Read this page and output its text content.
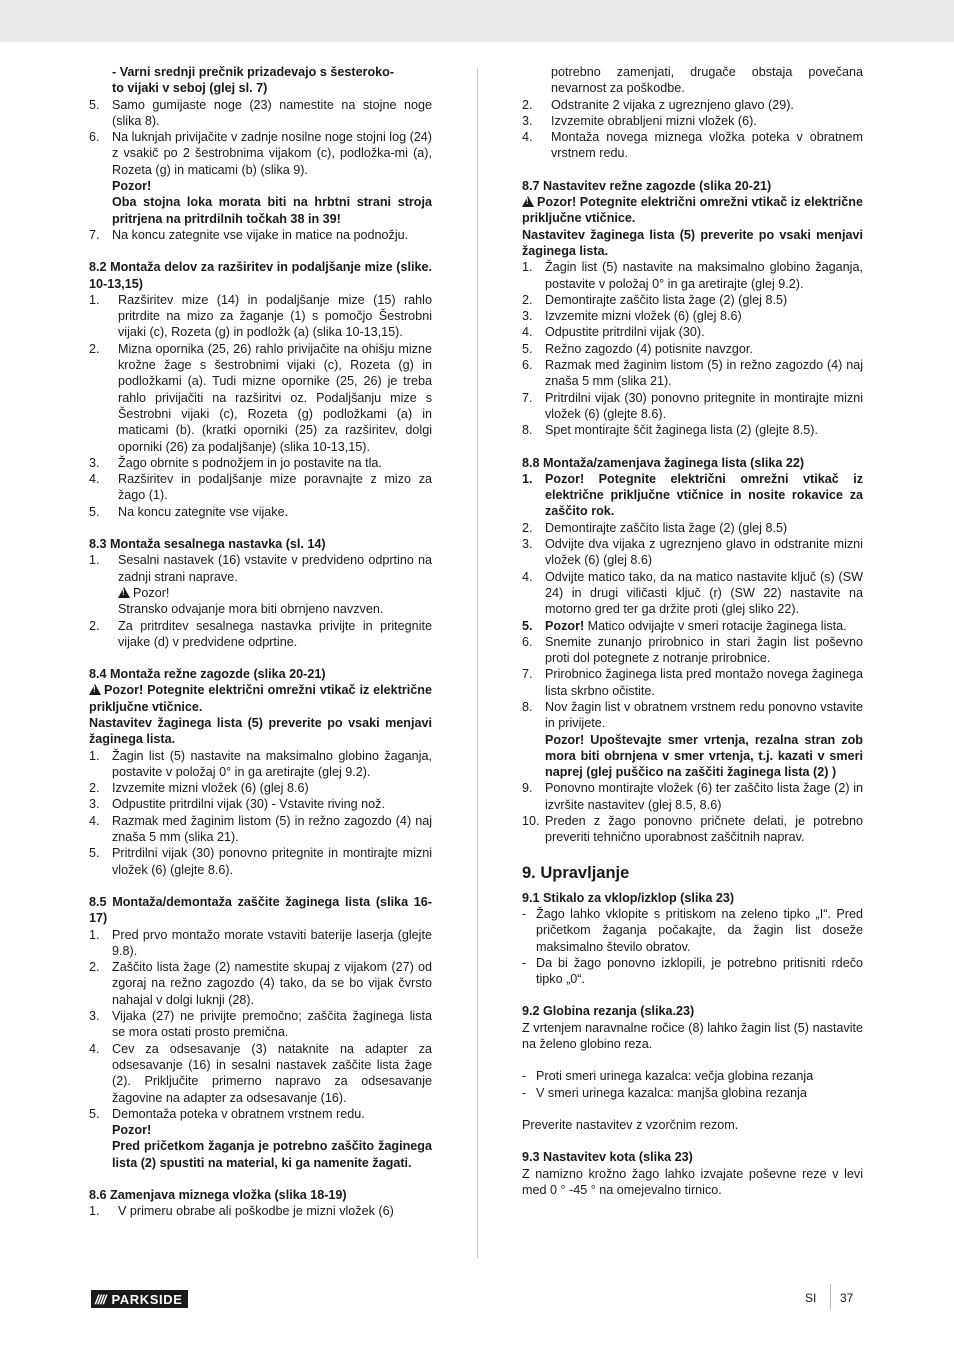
- Varni srednji prečnik prizadevajo s šesteroko-
to vijaki v seboj (glej sl. 7)
5. Samo gumijaste noge (23) namestite na stojne noge (slika 8).
6. Na luknjah privijačite v zadnje nosilne noge stojni log (24) z vsakič po 2 šestrobnima vijakom (c), podložka-mi (a), Rozeta (g) in maticami (b) (slika 9).
Pozor!
Oba stojna loka morata biti na hrbtni strani stroja pritrjena na pritrdilnih točkah 38 in 39!
7. Na koncu zategnite vse vijake in matice na podnožju.

8.2 Montaža delov za razširitev in podaljšanje mize (slike. 10-13,15)

1.	Razširitev mize (14) in podaljšanje mize (15) rahlo pritrdite na mizo za žaganje (1) s pomočjo Šestrobni vijaki (c), Rozeta (g) in podložk (a) (slika 10-13,15).
2.	Mizna opornika (25, 26) rahlo privijačite na ohišju mizne krožne žage s šestrobnimi vijaki (c), Rozeta (g) in podložkami (a). Tudi mizne opornike (25, 26) je treba rahlo privijačiti na razširitvi oz. Podaljšanju mize s Šestrobni vijaki (c), Rozeta (g) podložkami (a) in maticami (b). (kratki oporniki (25) za razširitev, dolgi oporniki (26) za podaljšanje) (slika 10-13,15).
3.	Žago obrnite s podnožjem in jo postavite na tla.
4.	Razširitev in podaljšanje mize poravnajte z mizo za žago (1).
5.	Na koncu zategnite vse vijake.

8.3 Montaža sesalnega nastavka (sl. 14)

1.	Sesalni nastavek (16) vstavite v predvideno odprtino na zadnji strani naprave.
!Pozor!
Stransko odvajanje mora biti obrnjeno navzven.
2.	Za pritrditev sesalnega nastavka privijte in pritegnite vijake (d) v predvidene odprtine.

8.4 Montaža režne zagozde (slika 20-21)

!Pozor! Potegnite električni omrežni vtikač iz električne priključne vtičnice.

Nastavitev žaginega lista (5) preverite po vsaki menjavi žaginega lista.

1. Žagin list (5) nastavite na maksimalno globino žaganja, postavite v položaj 0° in ga aretirajte (glej 9.2).
2. Izvzemite mizni vložek (6) (glej 8.6)
3. Odpustite pritrdilni vijak (30) - Vstavite riving nož.
4. Razmak med žaginim listom (5) in režno zagozdo (4) naj znaša 5 mm (slika 21).
5. Pritrdilni vijak (30) ponovno pritegnite in montirajte mizni vložek (6) (glejte 8.6).

8.5 Montaža/demontaža zaščite žaginega lista (slika 16-17)

1. Pred prvo montažo morate vstaviti baterije laserja (glejte 9.8).
2. Zaščito lista žage (2) namestite skupaj z vijakom (27) od zgoraj na režno zagozdo (4) tako, da se bo vijak čvrsto nahajal v dolgi luknji (28).
3. Vijaka (27) ne privijte premočno; zaščita žaginega lista se mora ostati prosto premična.
4. Cev za odsesavanje (3) nataknite na adapter za odsesavanje (16) in sesalni nastavek zaščite lista žage (2). Priključite primerno napravo za odsesavanje žagovine na adapter za odsesavanje (16).
5. Demontaža poteka v obratnem vrstnem redu.
Pozor!
Pred pričetkom žaganja je potrebno zaščito žaginega lista (2) spustiti na material, ki ga namenite žagati.

8.6 Zamenjava miznega vložka (slika 18-19)

1.	V primeru obrabe ali poškodbe je mizni vložek (6)
potrebno zamenjati, drugače obstaja povečana nevarnost za poškodbe.
2.	Odstranite 2 vijaka z ugreznjeno glavo (29).
3.	Izvzemite obrabljeni mizni vložek (6).
4.	Montaža novega miznega vložka poteka v obratnem vrstnem redu.

8.7 Nastavitev režne zagozde (slika 20-21)

!Pozor! Potegnite električni omrežni vtikač iz električne priključne vtičnice.

Nastavitev žaginega lista (5) preverite po vsaki menjavi žaginega lista.

1. Žagin list (5) nastavite na maksimalno globino žaganja, postavite v položaj 0° in ga aretirajte (glej 9.2).
2. Demontirajte zaščito lista žage (2) (glej 8.5)
3. Izvzemite mizni vložek (6) (glej 8.6)
4. Odpustite pritrdilni vijak (30).
5. Režno zagozdo (4) potisnite navzgor.
6. Razmak med žaginim listom (5) in režno zagozdo (4) naj znaša 5 mm (slika 21).
7. Pritrdilni vijak (30) ponovno pritegnite in montirajte mizni vložek (6) (glejte 8.6).
8. Spet montirajte ščit žaginega lista (2) (glejte 8.5).

8.8 Montaža/zamenjava žaginega lista (slika 22)

1. Pozor! Potegnite električni omrežni vtikač iz električne priključne vtičnice in nosite rokavice za zaščito rok.
2. Demontirajte zaščito lista žage (2) (glej 8.5)
3. Odvijte dva vijaka z ugreznjeno glavo in odstranite mizni vložek (6) (glej 8.6)
4. Odvijte matico tako, da na matico nastavite ključ (s) (SW 24) in drugi viličasti ključ (r) (SW 22) nastavite na motorno gred ter ga držite proti (glej sliko 22).
5. Pozor! Matico odvijajte v smeri rotacije žaginega lista.
6. Snemite zunanjo prirobnico in stari žagin list poševno proti dol potegnete z notranje prirobnice.
7. Prirobnico žaginega lista pred montažo novega žaginega lista skrbno očistite.
8. Nov žagin list v obratnem vrstnem redu ponovno vstavite in privijete.
Pozor! Upoštevajte smer vrtenja, rezalna stran zob mora biti obrnjena v smer vrtenja, t.j. kazati v smeri naprej (glej puščico na zaščiti žaginega lista (2) )
9. Ponovno montirajte vložek (6) ter zaščito lista žage (2) in izvršite nastavitev (glej 8.5, 8.6)
10. Preden z žago ponovno pričnete delati, je potrebno preveriti tehnično uporabnost zaščitnih naprav.

9. Upravljanje

9.1 Stikalo za vklop/izklop (slika 23)

- Žago lahko vklopite s pritiskom na zeleno tipko „I“. Pred pričetkom žaganja počakajte, da žagin list doseže maksimalno število obratov.
- Da bi žago ponovno izklopili, je potrebno pritisniti rdečo tipko „0“.

9.2 Globina rezanja (slika.23)

Z vrtenjem naravnalne ročice (8) lahko žagin list (5) nastavite na želeno globino reza.

- Proti smeri urinega kazalca: večja globina rezanja
- V smeri urinega kazalca: manjša globina rezanja

Preverite nastavitev z vzorčnim rezom.

9.3 Nastavitev kota (slika 23)

Z namizno krožno žago lahko izvajate poševne reze v levi med 0 ° -45 ° na omejevalno tirnico.

//// PARKSIDE	SI 37
